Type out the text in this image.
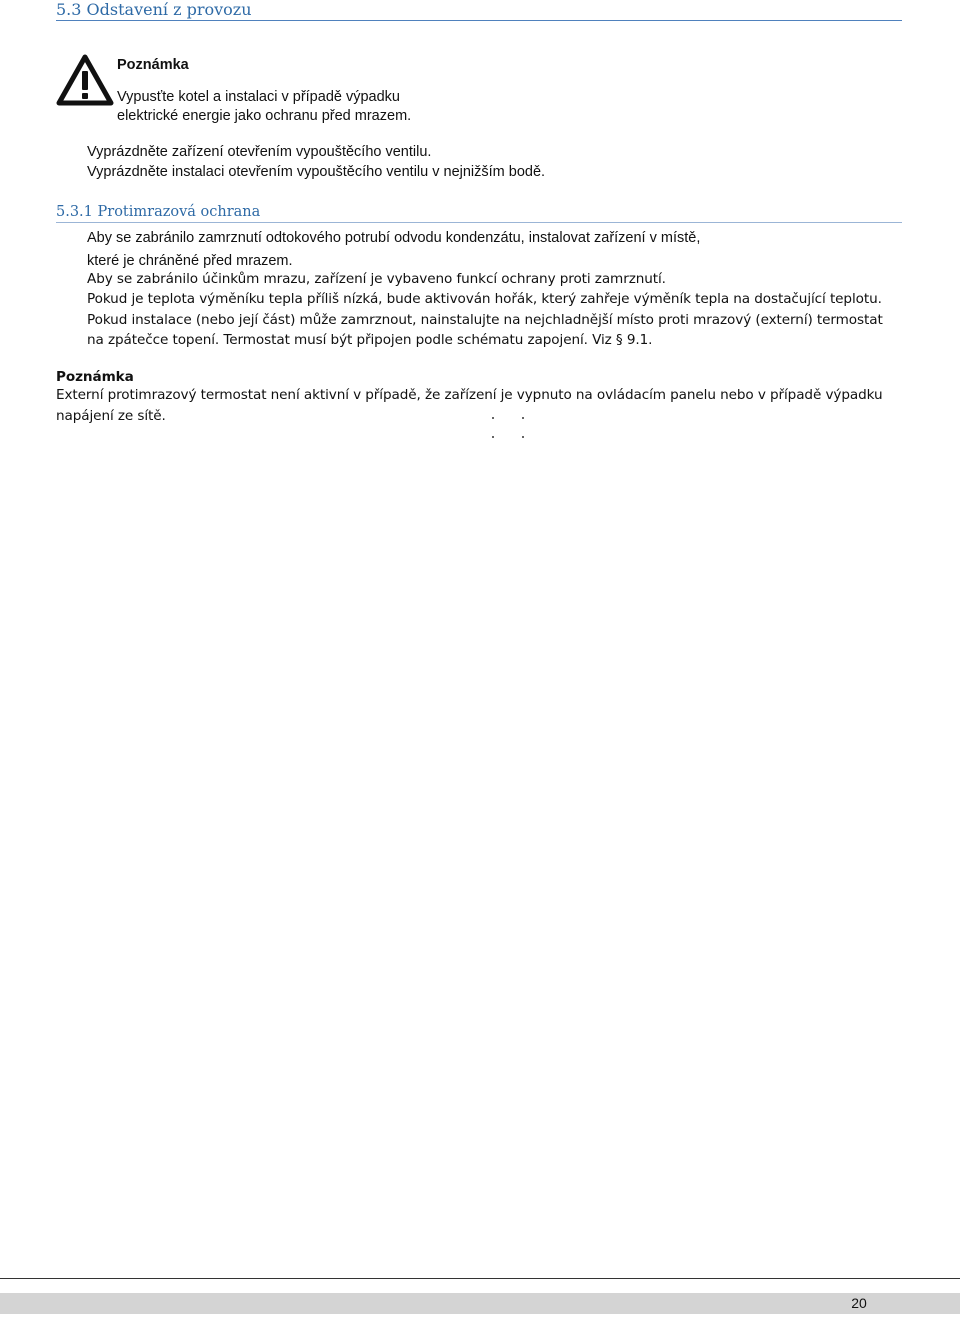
5.3 Odstavení z provozu
Poznámka
Vypusťte kotel a instalaci v případě výpadku
elektrické energie jako ochranu před mrazem.
Vyprázdněte zařízení otevřením vypouštěcího ventilu.
Vyprázdněte instalaci otevřením vypouštěcího ventilu v nejnižším bodě.
5.3.1 Protimrazová ochrana
Aby se zabránilo zamrznutí odtokového potrubí odvodu kondenzátu, instalovat zařízení v místě,
které je chráněné před mrazem.
Aby se zabránilo účinkům mrazu, zařízení je vybaveno funkcí ochrany proti zamrznutí.
Pokud je teplota výměníku tepla příliš nízká, bude aktivován hořák, který zahřeje výměník tepla na dostačující teplotu.
Pokud instalace (nebo její část) může zamrznout, nainstalujte na nejchladnější místo proti mrazový (externí) termostat
na zpátečce topení. Termostat musí být připojen podle schématu zapojení. Viz § 9.1.
Poznámka
Externí protimrazový termostat není aktivní v případě, že zařízení je vypnuto na ovládacím panelu nebo v případě výpadku
napájení ze sítě.
20
